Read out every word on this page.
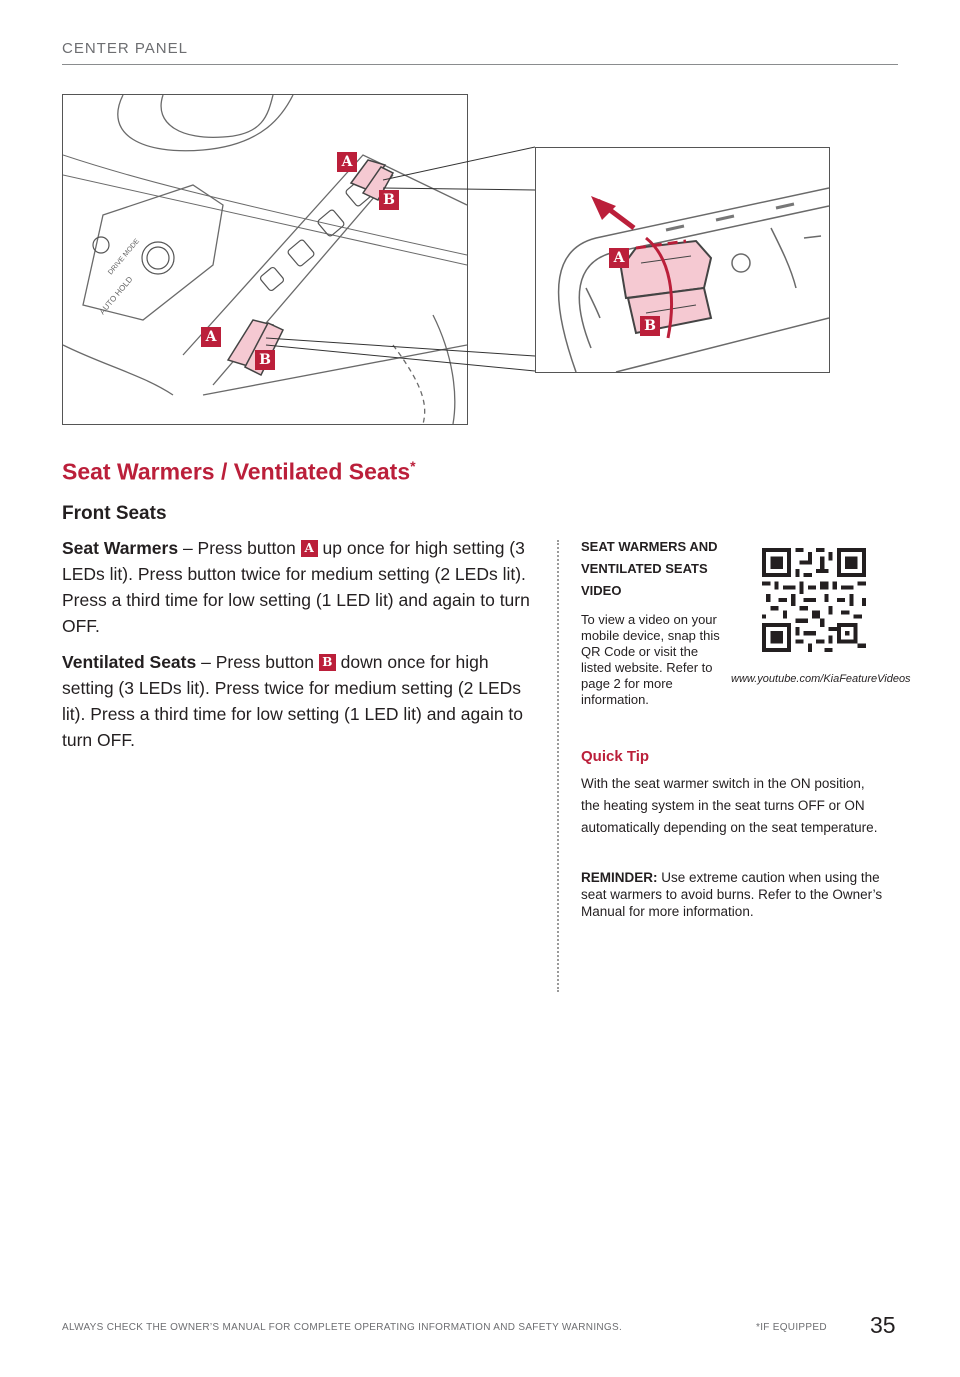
CENTER PANEL
AUTO HOLD
DRIVE MODE
A
B
A
B
A
B
Seat Warmers / Ventilated Seats*
Front Seats

Seat Warmers – Press button A up once for high setting (3 LEDs lit). Press button twice for medium setting (2 LEDs lit). Press a third time for low setting (1 LED lit) and again to turn OFF.

Ventilated Seats – Press button B down once for high setting (3 LEDs lit). Press twice for medium setting (2 LEDs lit). Press a third time for low setting (1 LED lit) and again to turn OFF.

SEAT WARMERS AND VENTILATED SEATS VIDEO

To view a video on your mobile device, snap this QR Code or visit the listed website. Refer to page 2 for more information.

www.youtube.com/KiaFeatureVideos
Quick Tip

With the seat warmer switch in the ON position, the heating system in the seat turns OFF or ON automatically depending on the seat temperature.

REMINDER: Use extreme caution when using the seat warmers to avoid burns. Refer to the Owner’s Manual for more information.

ALWAYS CHECK THE OWNER’S MANUAL FOR COMPLETE OPERATING INFORMATION AND SAFETY WARNINGS.	*IF EQUIPPED 35
